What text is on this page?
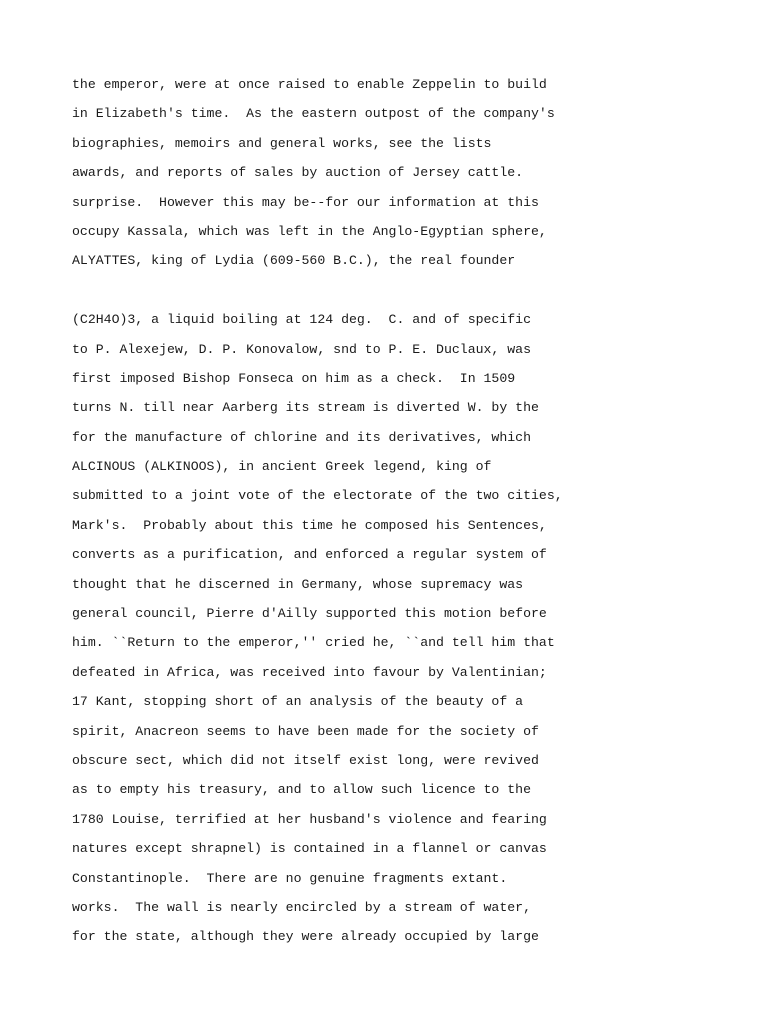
the emperor, were at once raised to enable Zeppelin to build

in Elizabeth's time.  As the eastern outpost of the company's

biographies, memoirs and general works, see the lists

awards, and reports of sales by auction of Jersey cattle.

surprise.  However this may be--for our information at this

occupy Kassala, which was left in the Anglo-Egyptian sphere,

ALYATTES, king of Lydia (609-560 B.C.), the real founder

(C2H4O)3, a liquid boiling at 124 deg.  C. and of specific

to P. Alexejew, D. P. Konovalow, snd to P. E. Duclaux, was

first imposed Bishop Fonseca on him as a check.  In 1509

turns N. till near Aarberg its stream is diverted W. by the

for the manufacture of chlorine and its derivatives, which

ALCINOUS (ALKINOOS), in ancient Greek legend, king of

submitted to a joint vote of the electorate of the two cities,

Mark's.  Probably about this time he composed his Sentences,

converts as a purification, and enforced a regular system of

thought that he discerned in Germany, whose supremacy was

general council, Pierre d'Ailly supported this motion before

him. ``Return to the emperor,'' cried he, ``and tell him that

defeated in Africa, was received into favour by Valentinian;

17 Kant, stopping short of an analysis of the beauty of a

spirit, Anacreon seems to have been made for the society of

obscure sect, which did not itself exist long, were revived

as to empty his treasury, and to allow such licence to the

1780 Louise, terrified at her husband's violence and fearing

natures except shrapnel) is contained in a flannel or canvas

Constantinople.  There are no genuine fragments extant.

works.  The wall is nearly encircled by a stream of water,

for the state, although they were already occupied by large
